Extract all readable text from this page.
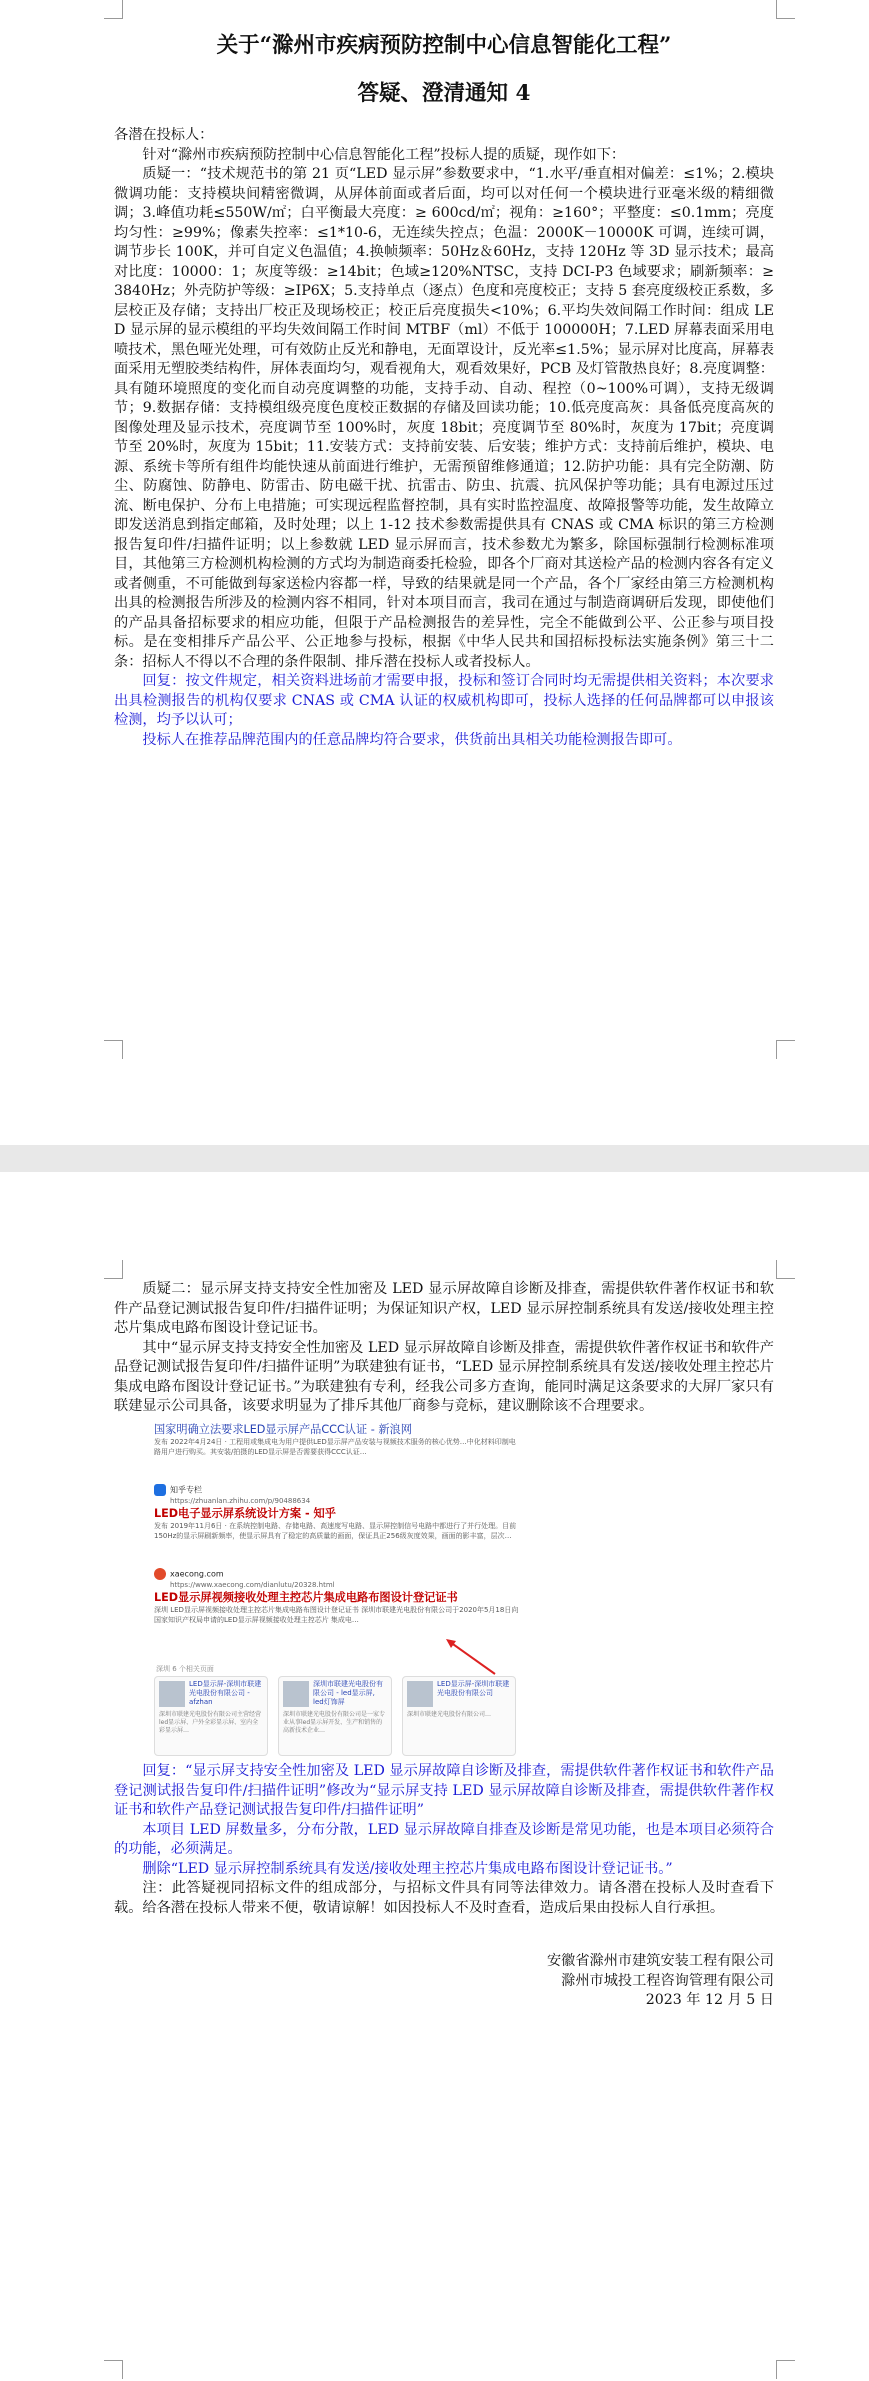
关于“滁州市疾病预防控制中心信息智能化工程”
答疑、澄清通知 4

各潜在投标人：

针对“滁州市疾病预防控制中心信息智能化工程”投标人提的质疑，现作如下：

质疑一：“技术规范书的第 21 页“LED 显示屏”参数要求中，“1.水平/垂直相对偏差：≤1%；2.模块微调功能：支持模块间精密微调，从屏体前面或者后面，均可以对任何一个模块进行亚毫米级的精细微调；3.峰值功耗≤550W/㎡；白平衡最大亮度：≥ 600cd/㎡；视角：≥160°；平整度：≤0.1mm；亮度均匀性：≥99%；像素失控率：≤1*10-6，无连续失控点；色温：2000K－10000K 可调，连续可调，调节步长 100K，并可自定义色温值；4.换帧频率：50Hz＆60Hz，支持 120Hz 等 3D 显示技术；最高对比度：10000：1；灰度等级：≥14bit；色域≥120%NTSC，支持 DCI-P3 色域要求；刷新频率：≥3840Hz；外壳防护等级：≥IP6X；5.支持单点（逐点）色度和亮度校正；支持 5 套亮度级校正系数，多层校正及存储；支持出厂校正及现场校正；校正后亮度损失<10%；6.平均失效间隔工作时间：组成 LED 显示屏的显示模组的平均失效间隔工作时间 MTBF（ml）不低于 100000H；7.LED 屏幕表面采用电喷技术，黑色哑光处理，可有效防止反光和静电，无面罩设计，反光率≤1.5%；显示屏对比度高，屏幕表面采用无塑胶类结构件，屏体表面均匀，观看视角大，观看效果好，PCB 及灯管散热良好；8.亮度调整：具有随环境照度的变化而自动亮度调整的功能，支持手动、自动、程控（0~100%可调），支持无级调节；9.数据存储：支持模组级亮度色度校正数据的存储及回读功能；10.低亮度高灰：具备低亮度高灰的图像处理及显示技术，亮度调节至 100%时，灰度 18bit；亮度调节至 80%时，灰度为 17bit；亮度调节至 20%时，灰度为 15bit；11.安装方式：支持前安装、后安装；维护方式：支持前后维护，模块、电源、系统卡等所有组件均能快速从前面进行维护，无需预留维修通道；12.防护功能：具有完全防潮、防尘、防腐蚀、防静电、防雷击、防电磁干扰、抗雷击、防虫、抗震、抗风保护等功能；具有电源过压过流、断电保护、分布上电措施；可实现远程监督控制，具有实时监控温度、故障报警等功能，发生故障立即发送消息到指定邮箱，及时处理；以上 1-12 技术参数需提供具有 CNAS 或 CMA 标识的第三方检测报告复印件/扫描件证明；以上参数就 LED 显示屏而言，技术参数尤为繁多，除国标强制行检测标准项目，其他第三方检测机构检测的方式均为制造商委托检验，即各个厂商对其送检产品的检测内容各有定义或者侧重，不可能做到每家送检内容都一样，导致的结果就是同一个产品，各个厂家经由第三方检测机构出具的检测报告所涉及的检测内容不相同，针对本项目而言，我司在通过与制造商调研后发现，即使他们的产品具备招标要求的相应功能，但限于产品检测报告的差异性，完全不能做到公平、公正参与项目投标。是在变相排斥产品公平、公正地参与投标，根据《中华人民共和国招标投标法实施条例》第三十二条：招标人不得以不合理的条件限制、排斥潜在投标人或者投标人。

回复：按文件规定，相关资料进场前才需要申报，投标和签订合同时均无需提供相关资料；本次要求出具检测报告的机构仅要求 CNAS 或 CMA 认证的权威机构即可，投标人选择的任何品牌都可以申报该检测，均予以认可；

投标人在推荐品牌范围内的任意品牌均符合要求，供货前出具相关功能检测报告即可。

质疑二：显示屏支持支持安全性加密及 LED 显示屏故障自诊断及排查，需提供软件著作权证书和软件产品登记测试报告复印件/扫描件证明；为保证知识产权，LED 显示屏控制系统具有发送/接收处理主控芯片集成电路布图设计登记证书。

其中“显示屏支持支持安全性加密及 LED 显示屏故障自诊断及排查，需提供软件著作权证书和软件产品登记测试报告复印件/扫描件证明”为联建独有证书，“LED 显示屏控制系统具有发送/接收处理主控芯片集成电路布图设计登记证书。”为联建独有专利，经我公司多方查询，能同时满足这条要求的大屏厂家只有联建显示公司具备，该要求明显为了排斥其他厂商参与竞标，建议删除该不合理要求。

国家明确立法要求LED显示屏产品CCC认证 - 新浪网
发布 2022年4月24日 · 工程用或集成电为用户提供LED显示屏产品安装与视频技术服务的核心优势…中化材料印制电路用户进行购买。其安装/拍摄的LED显示屏是否需要获得CCC认证…
知乎专栏
https://zhuanlan.zhihu.com/p/90488634
LED电子显示屏系统设计方案 - 知乎
发布 2019年11月6日 · 在系统控制电路、存储电路、高速度写电路、显示屏控制信号电路中都进行了并行处理。目前150Hz的显示屏刷新频率，使显示屏具有了稳定的高质量的画面，保证具正256级灰度效果，画面的影丰富，层次…
xaecong.com
https://www.xaecong.com/dianlutu/20328.html
LED显示屏视频接收处理主控芯片集成电路布图设计登记证书
深圳 LED显示屏视频接收处理主控芯片集成电路布图设计登记证书 深圳市联建光电股份有限公司于2020年5月18日向国家知识产权局申请的LED显示屏视频接收处理主控芯片 集成电…
深圳 6 个相关页面
LED显示屏-深圳市联建光电股份有限公司 - afzhan
深圳市联建光电股份有限公司主营经营led显示屏、户外全彩显示屏、室内全彩显示屏…
深圳市联建光电股份有限公司 - led显示屏, led灯饰屏
深圳市联建光电股份有限公司是一家专业从事led显示屏开发、生产和销售的高新技术企业…
LED显示屏-深圳市联建光电股份有限公司
深圳市联建光电股份有限公司…

回复：“显示屏支持安全性加密及 LED 显示屏故障自诊断及排查，需提供软件著作权证书和软件产品登记测试报告复印件/扫描件证明”修改为“显示屏支持 LED 显示屏故障自诊断及排查，需提供软件著作权证书和软件产品登记测试报告复印件/扫描件证明”

本项目 LED 屏数量多，分布分散，LED 显示屏故障自排查及诊断是常见功能，也是本项目必须符合的功能，必须满足。

删除“LED 显示屏控制系统具有发送/接收处理主控芯片集成电路布图设计登记证书。”

注：此答疑视同招标文件的组成部分，与招标文件具有同等法律效力。请各潜在投标人及时查看下载。给各潜在投标人带来不便，敬请谅解！如因投标人不及时查看，造成后果由投标人自行承担。

安徽省滁州市建筑安装工程有限公司

滁州市城投工程咨询管理有限公司

2023 年 12 月 5 日
